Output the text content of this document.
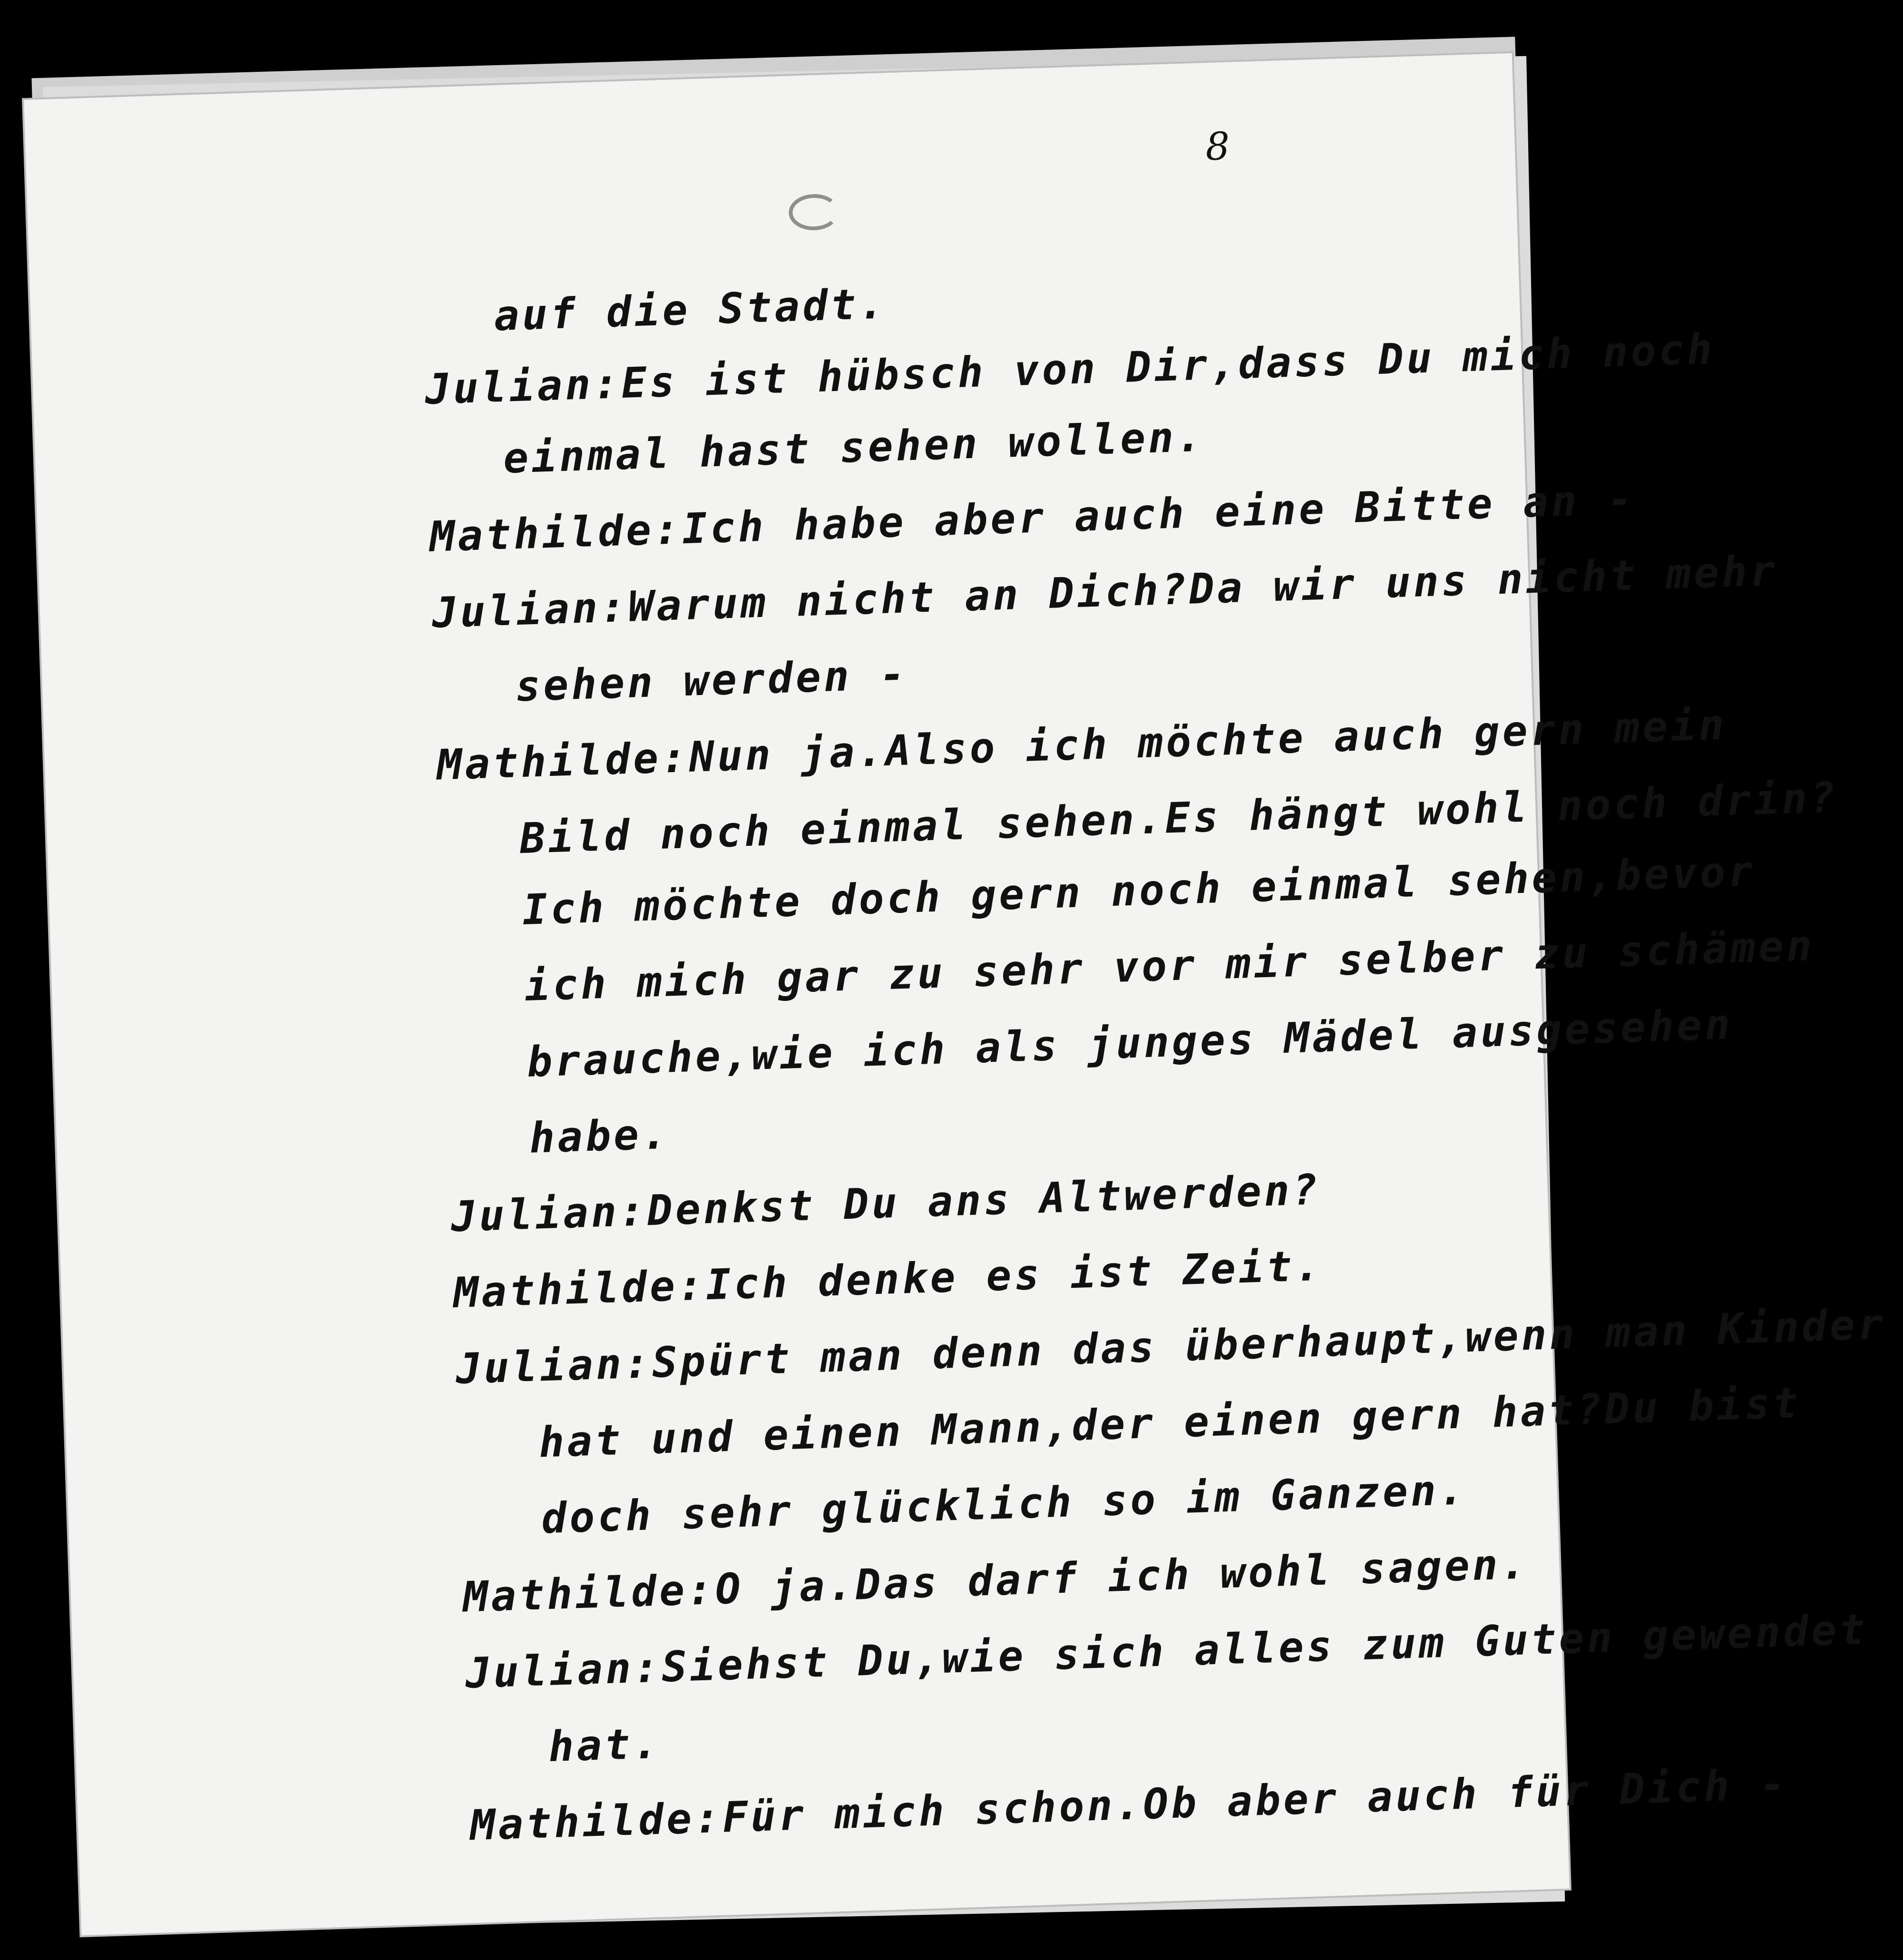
8

auf die Stadt.

Julian:Es ist hübsch von Dir,dass Du mich noch

einmal hast sehen wollen.

Mathilde:Ich habe aber auch eine Bitte an -

Julian:Warum nicht an Dich?Da wir uns nicht mehr

sehen werden -

Mathilde:Nun ja.Also ich möchte auch gern mein

Bild noch einmal sehen.Es hängt wohl noch drin?

Ich möchte doch gern noch einmal sehen,bevor

ich mich gar zu sehr vor mir selber zu schämen

brauche,wie ich als junges Mädel ausgesehen

habe.

Julian:Denkst Du ans Altwerden?

Mathilde:Ich denke es ist Zeit.

Julian:Spürt man denn das überhaupt,wenn man Kinder

hat und einen Mann,der einen gern hat?Du bist

doch sehr glücklich so im Ganzen.

Mathilde:O ja.Das darf ich wohl sagen.

Julian:Siehst Du,wie sich alles zum Guten gewendet

hat.

Mathilde:Für mich schon.Ob aber auch für Dich -
